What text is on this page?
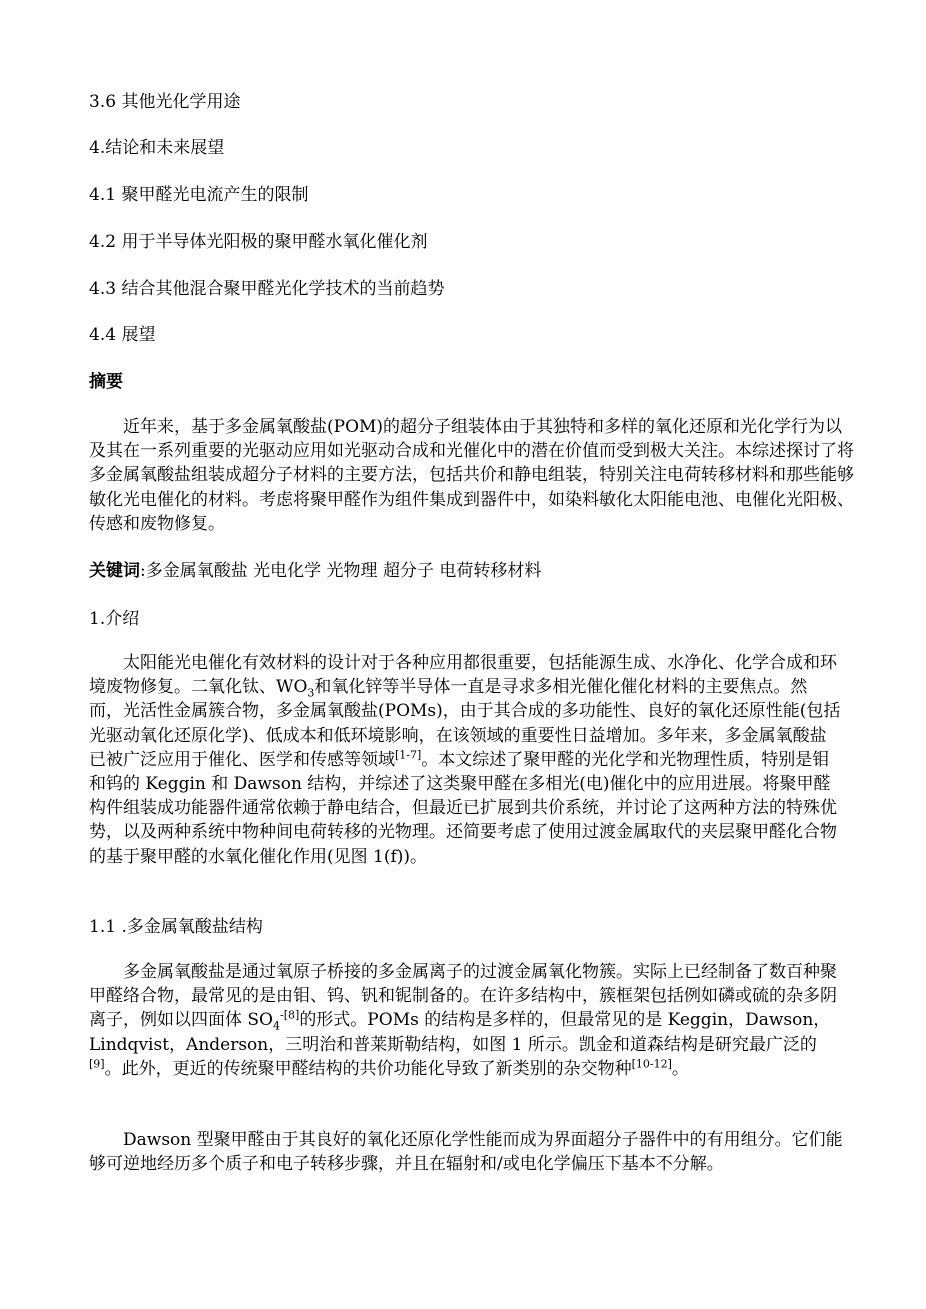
3.6 其他光化学用途
4.结论和未来展望
4.1 聚甲醛光电流产生的限制
4.2 用于半导体光阳极的聚甲醛水氧化催化剂
4.3 结合其他混合聚甲醛光化学技术的当前趋势
4.4 展望
摘要
近年来，基于多金属氧酸盐(POM)的超分子组装体由于其独特和多样的氧化还原和光化学行为以及其在一系列重要的光驱动应用如光驱动合成和光催化中的潜在价值而受到极大关注。本综述探讨了将多金属氧酸盐组装成超分子材料的主要方法，包括共价和静电组装，特别关注电荷转移材料和那些能够敏化光电催化的材料。考虑将聚甲醛作为组件集成到器件中，如染料敏化太阳能电池、电催化光阳极、传感和废物修复。
关键词:多金属氧酸盐 光电化学 光物理 超分子 电荷转移材料
1.介绍
太阳能光电催化有效材料的设计对于各种应用都很重要，包括能源生成、水净化、化学合成和环境废物修复。二氧化钛、$WO_3$和氧化锌等半导体一直是寻求多相光催化催化材料的主要焦点。然而，光活性金属簇合物，多金属氧酸盐(POMs)，由于其合成的多功能性、良好的氧化还原性能(包括光驱动氧化还原化学)、低成本和低环境影响，在该领域的重要性日益增加。多年来，多金属氧酸盐已被广泛应用于催化、医学和传感等领域[1-7]。本文综述了聚甲醛的光化学和光物理性质，特别是钼和钨的 Keggin 和 Dawson 结构，并综述了这类聚甲醛在多相光(电)催化中的应用进展。将聚甲醛构件组装成功能器件通常依赖于静电结合，但最近已扩展到共价系统，并讨论了这两种方法的特殊优势，以及两种系统中物种间电荷转移的光物理。还简要考虑了使用过渡金属取代的夹层聚甲醛化合物的基于聚甲醛的水氧化催化作用(见图 1(f))。
1.1 .多金属氧酸盐结构
多金属氧酸盐是通过氧原子桥接的多金属离子的过渡金属氧化物簇。实际上已经制备了数百种聚甲醛络合物，最常见的是由钼、钨、钒和铌制备的。在许多结构中，簇框架包括例如磷或硫的杂多阴离子，例如以四面体 $SO_4^{-[8]}$的形式。POMs 的结构是多样的，但最常见的是 Keggin，Dawson，Lindqvist，Anderson，三明治和普莱斯勒结构，如图 1 所示。凯金和道森结构是研究最广泛的[9]。此外，更近的传统聚甲醛结构的共价功能化导致了新类别的杂交物种[10-12]。
Dawson 型聚甲醛由于其良好的氧化还原化学性能而成为界面超分子器件中的有用组分。它们能够可逆地经历多个质子和电子转移步骤，并且在辐射和/或电化学偏压下基本不分解。
